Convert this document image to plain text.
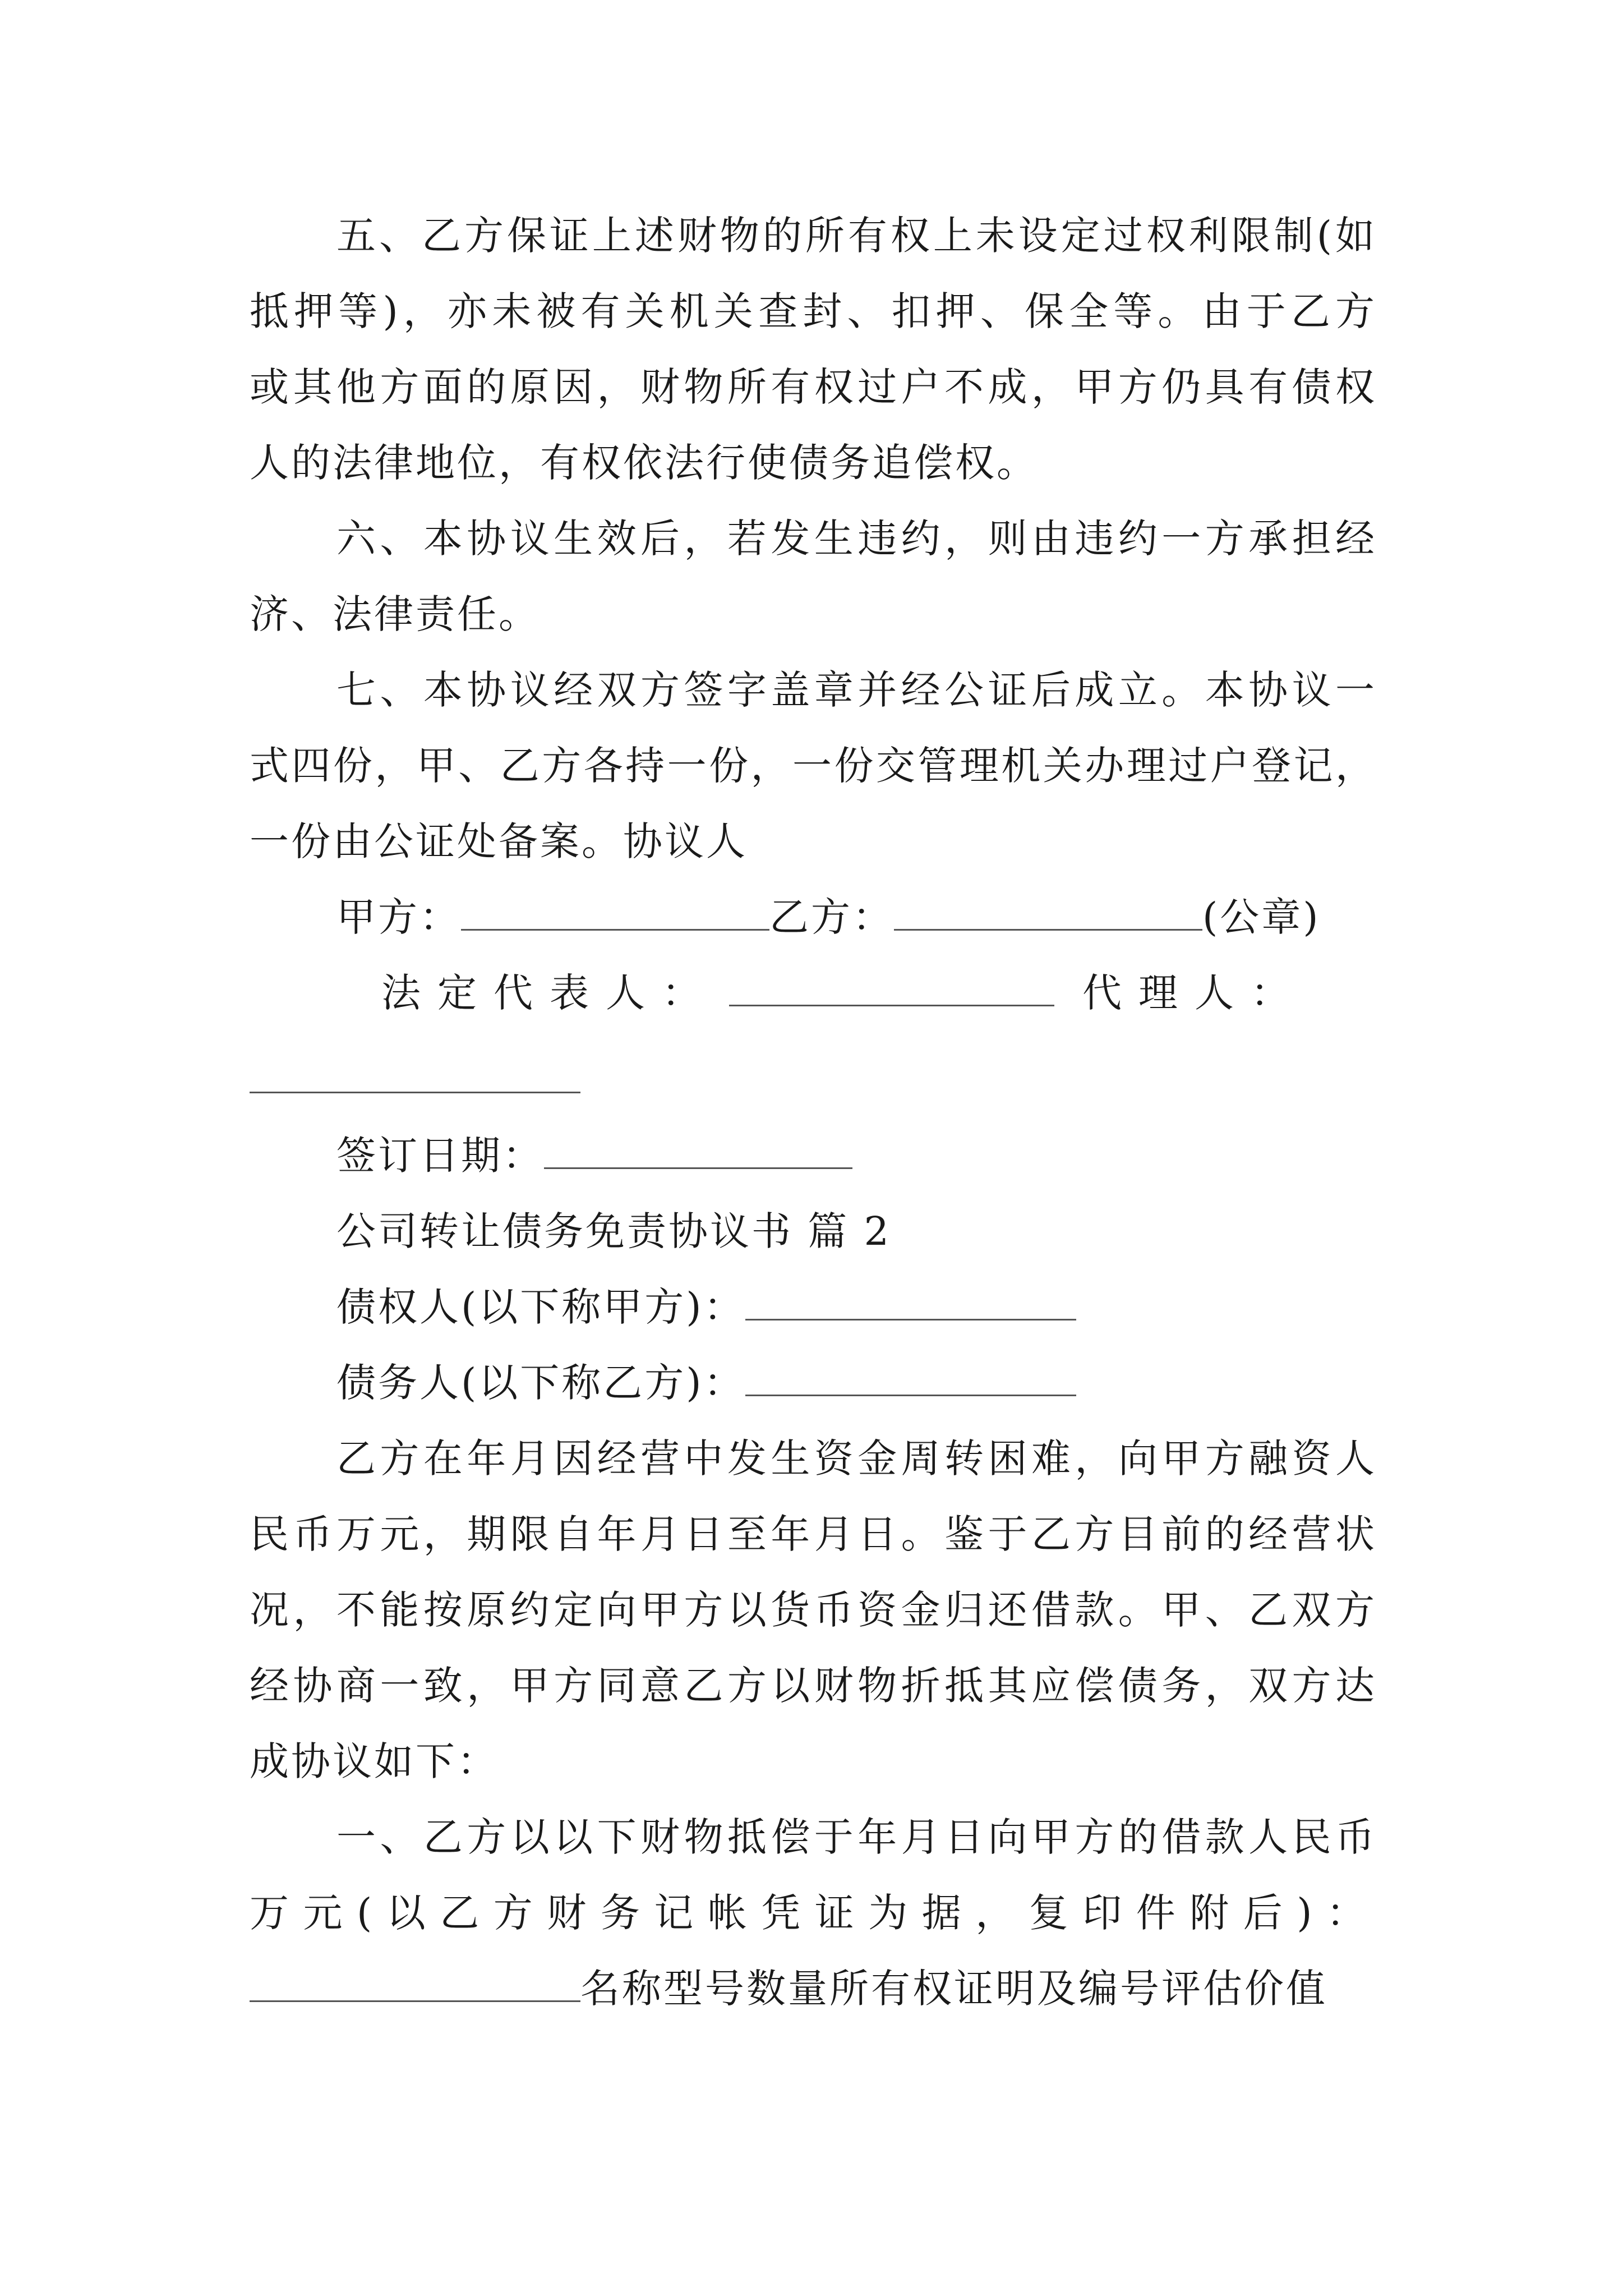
五、乙方保证上述财物的所有权上未设定过权利限制(如
抵押等)，亦未被有关机关查封、扣押、保全等。由于乙方
或其他方面的原因，财物所有权过户不成，甲方仍具有债权
人的法律地位，有权依法行使债务追偿权。
六、本协议生效后，若发生违约，则由违约一方承担经
济、法律责任。
七、本协议经双方签字盖章并经公证后成立。本协议一
式四份，甲、乙方各持一份，一份交管理机关办理过户登记，
一份由公证处备案。协议人
甲方：	乙方：	(公章)
法定代表人：	代理人：
签订日期：
公司转让债务免责协议书 篇 2
债权人(以下称甲方)：
债务人(以下称乙方)：
乙方在年月因经营中发生资金周转困难，向甲方融资人
民币万元，期限自年月日至年月日。鉴于乙方目前的经营状
况，不能按原约定向甲方以货币资金归还借款。甲、乙双方
经协商一致，甲方同意乙方以财物折抵其应偿债务，双方达
成协议如下：
一、乙方以以下财物抵偿于年月日向甲方的借款人民币
万元(以乙方财务记帐凭证为据，复印件附后)：
名称型号数量所有权证明及编号评估价值
